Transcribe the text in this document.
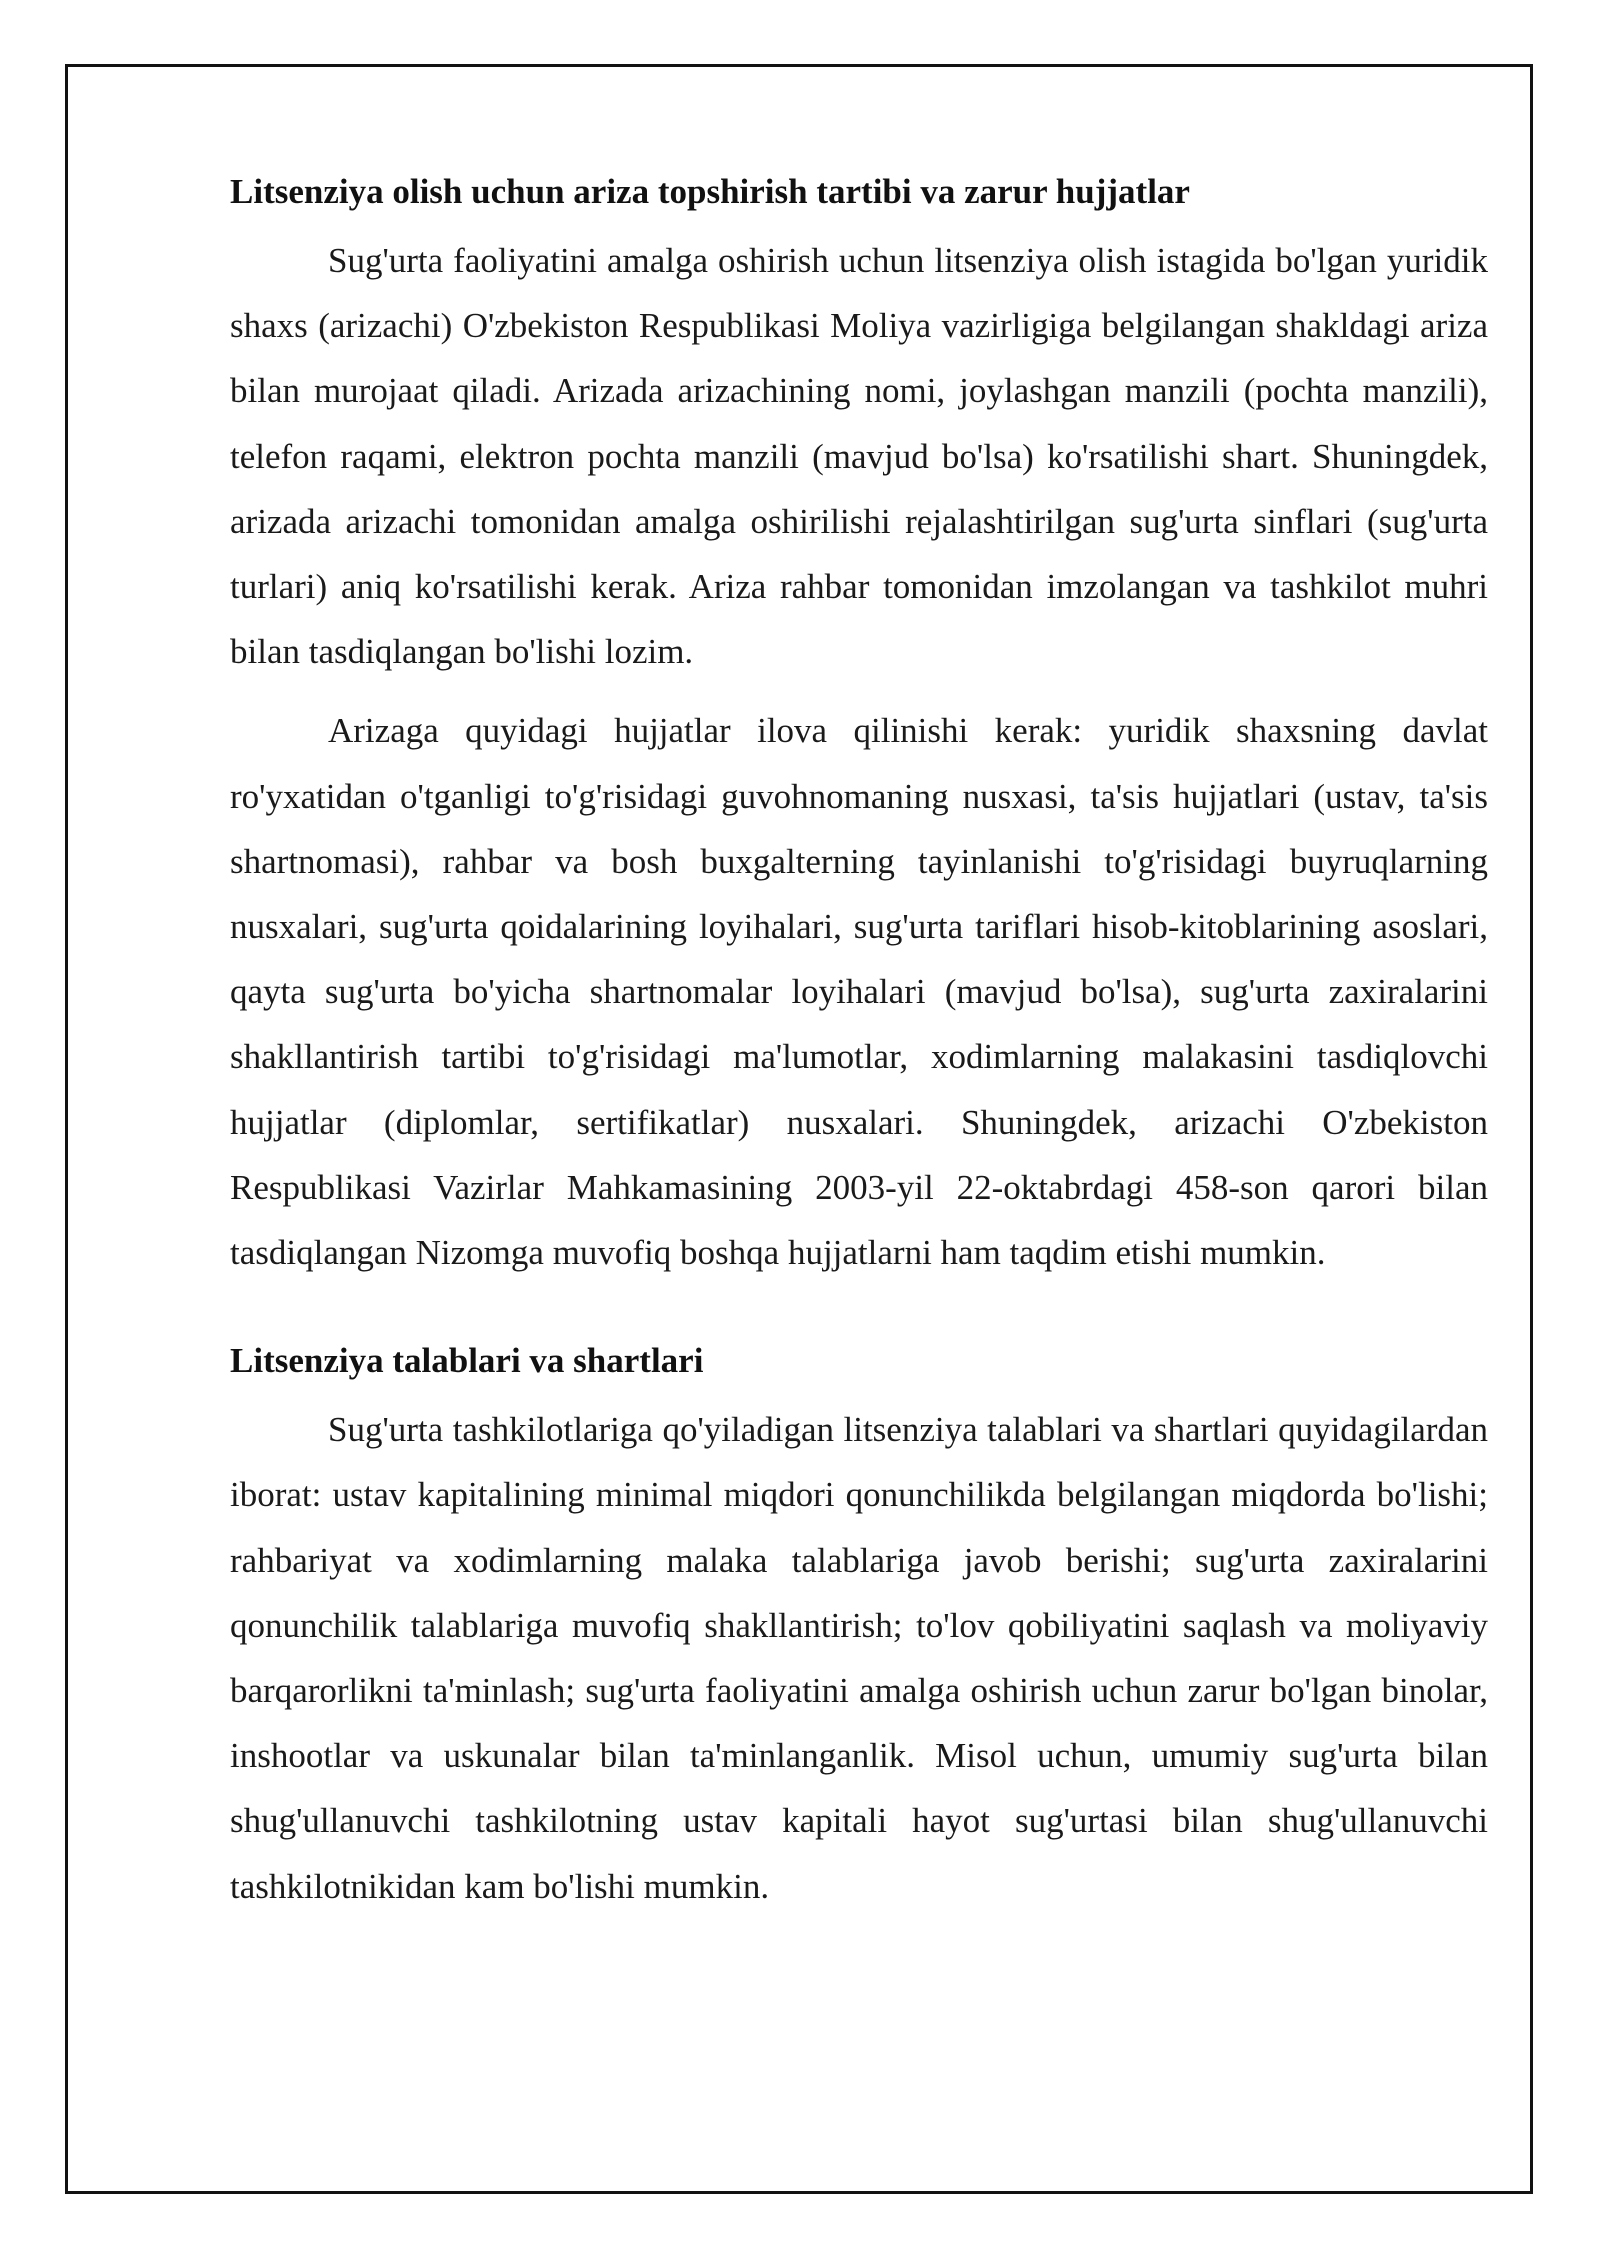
Litsenziya olish uchun ariza topshirish tartibi va zarur hujjatlar

Sug'urta faoliyatini amalga oshirish uchun litsenziya olish istagida bo'lgan yuridik shaxs (arizachi) O'zbekiston Respublikasi Moliya vazirligiga belgilangan shakldagi ariza bilan murojaat qiladi. Arizada arizachining nomi, joylashgan manzili (pochta manzili), telefon raqami, elektron pochta manzili (mavjud bo'lsa) ko'rsatilishi shart. Shuningdek, arizada arizachi tomonidan amalga oshirilishi rejalashtirilgan sug'urta sinflari (sug'urta turlari) aniq ko'rsatilishi kerak. Ariza rahbar tomonidan imzolangan va tashkilot muhri bilan tasdiqlangan bo'lishi lozim.

Arizaga quyidagi hujjatlar ilova qilinishi kerak: yuridik shaxsning davlat ro'yxatidan o'tganligi to'g'risidagi guvohnomaning nusxasi, ta'sis hujjatlari (ustav, ta'sis shartnomasi), rahbar va bosh buxgalterning tayinlanishi to'g'risidagi buyruqlarning nusxalari, sug'urta qoidalarining loyihalari, sug'urta tariflari hisob-kitoblarining asoslari, qayta sug'urta bo'yicha shartnomalar loyihalari (mavjud bo'lsa), sug'urta zaxiralarini shakllantirish tartibi to'g'risidagi ma'lumotlar, xodimlarning malakasini tasdiqlovchi hujjatlar (diplomlar, sertifikatlar) nusxalari. Shuningdek, arizachi O'zbekiston Respublikasi Vazirlar Mahkamasining 2003-yil 22-oktabrdagi 458-son qarori bilan tasdiqlangan Nizomga muvofiq boshqa hujjatlarni ham taqdim etishi mumkin.

Litsenziya talablari va shartlari

Sug'urta tashkilotlariga qo'yiladigan litsenziya talablari va shartlari quyidagilardan iborat: ustav kapitalining minimal miqdori qonunchilikda belgilangan miqdorda bo'lishi; rahbariyat va xodimlarning malaka talablariga javob berishi; sug'urta zaxiralarini qonunchilik talablariga muvofiq shakllantirish; to'lov qobiliyatini saqlash va moliyaviy barqarorlikni ta'minlash; sug'urta faoliyatini amalga oshirish uchun zarur bo'lgan binolar, inshootlar va uskunalar bilan ta'minlanganlik. Misol uchun, umumiy sug'urta bilan shug'ullanuvchi tashkilotning ustav kapitali hayot sug'urtasi bilan shug'ullanuvchi tashkilotnikidan kam bo'lishi mumkin.
